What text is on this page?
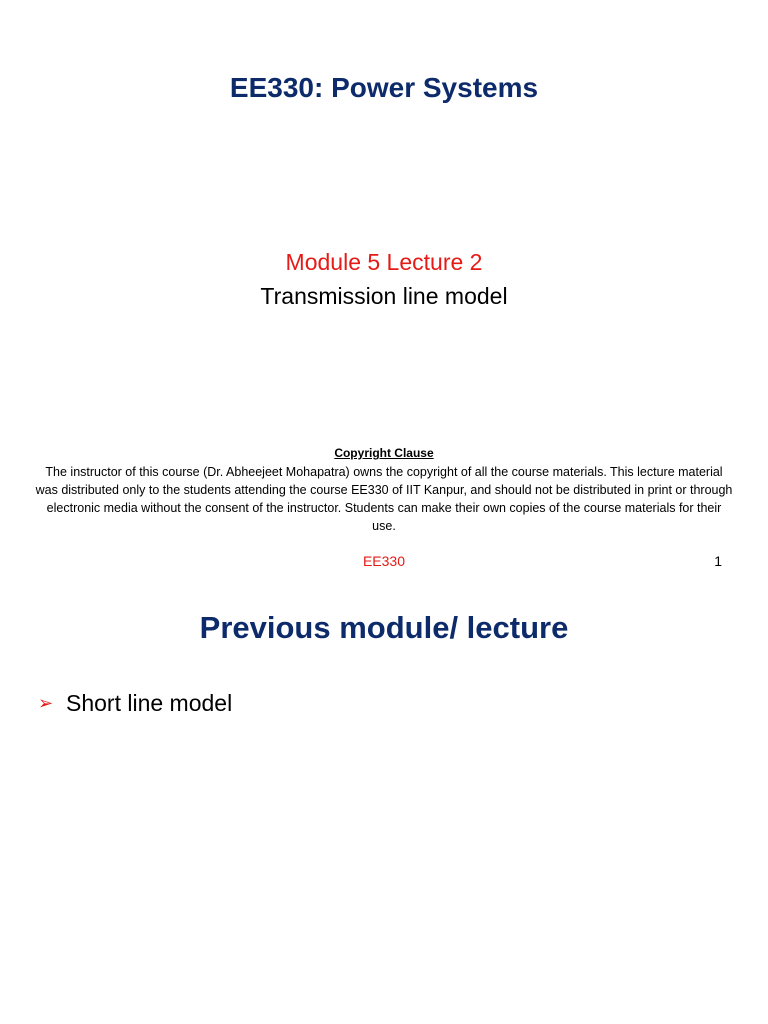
EE330: Power Systems
Module 5 Lecture 2
Transmission line model
Copyright Clause
The instructor of this course (Dr. Abheejeet Mohapatra) owns the copyright of all the course materials. This lecture material was distributed only to the students attending the course EE330 of IIT Kanpur, and should not be distributed in print or through electronic media without the consent of the instructor. Students can make their own copies of the course materials for their use.
EE330	1
Previous module/ lecture
➢ Short line model
